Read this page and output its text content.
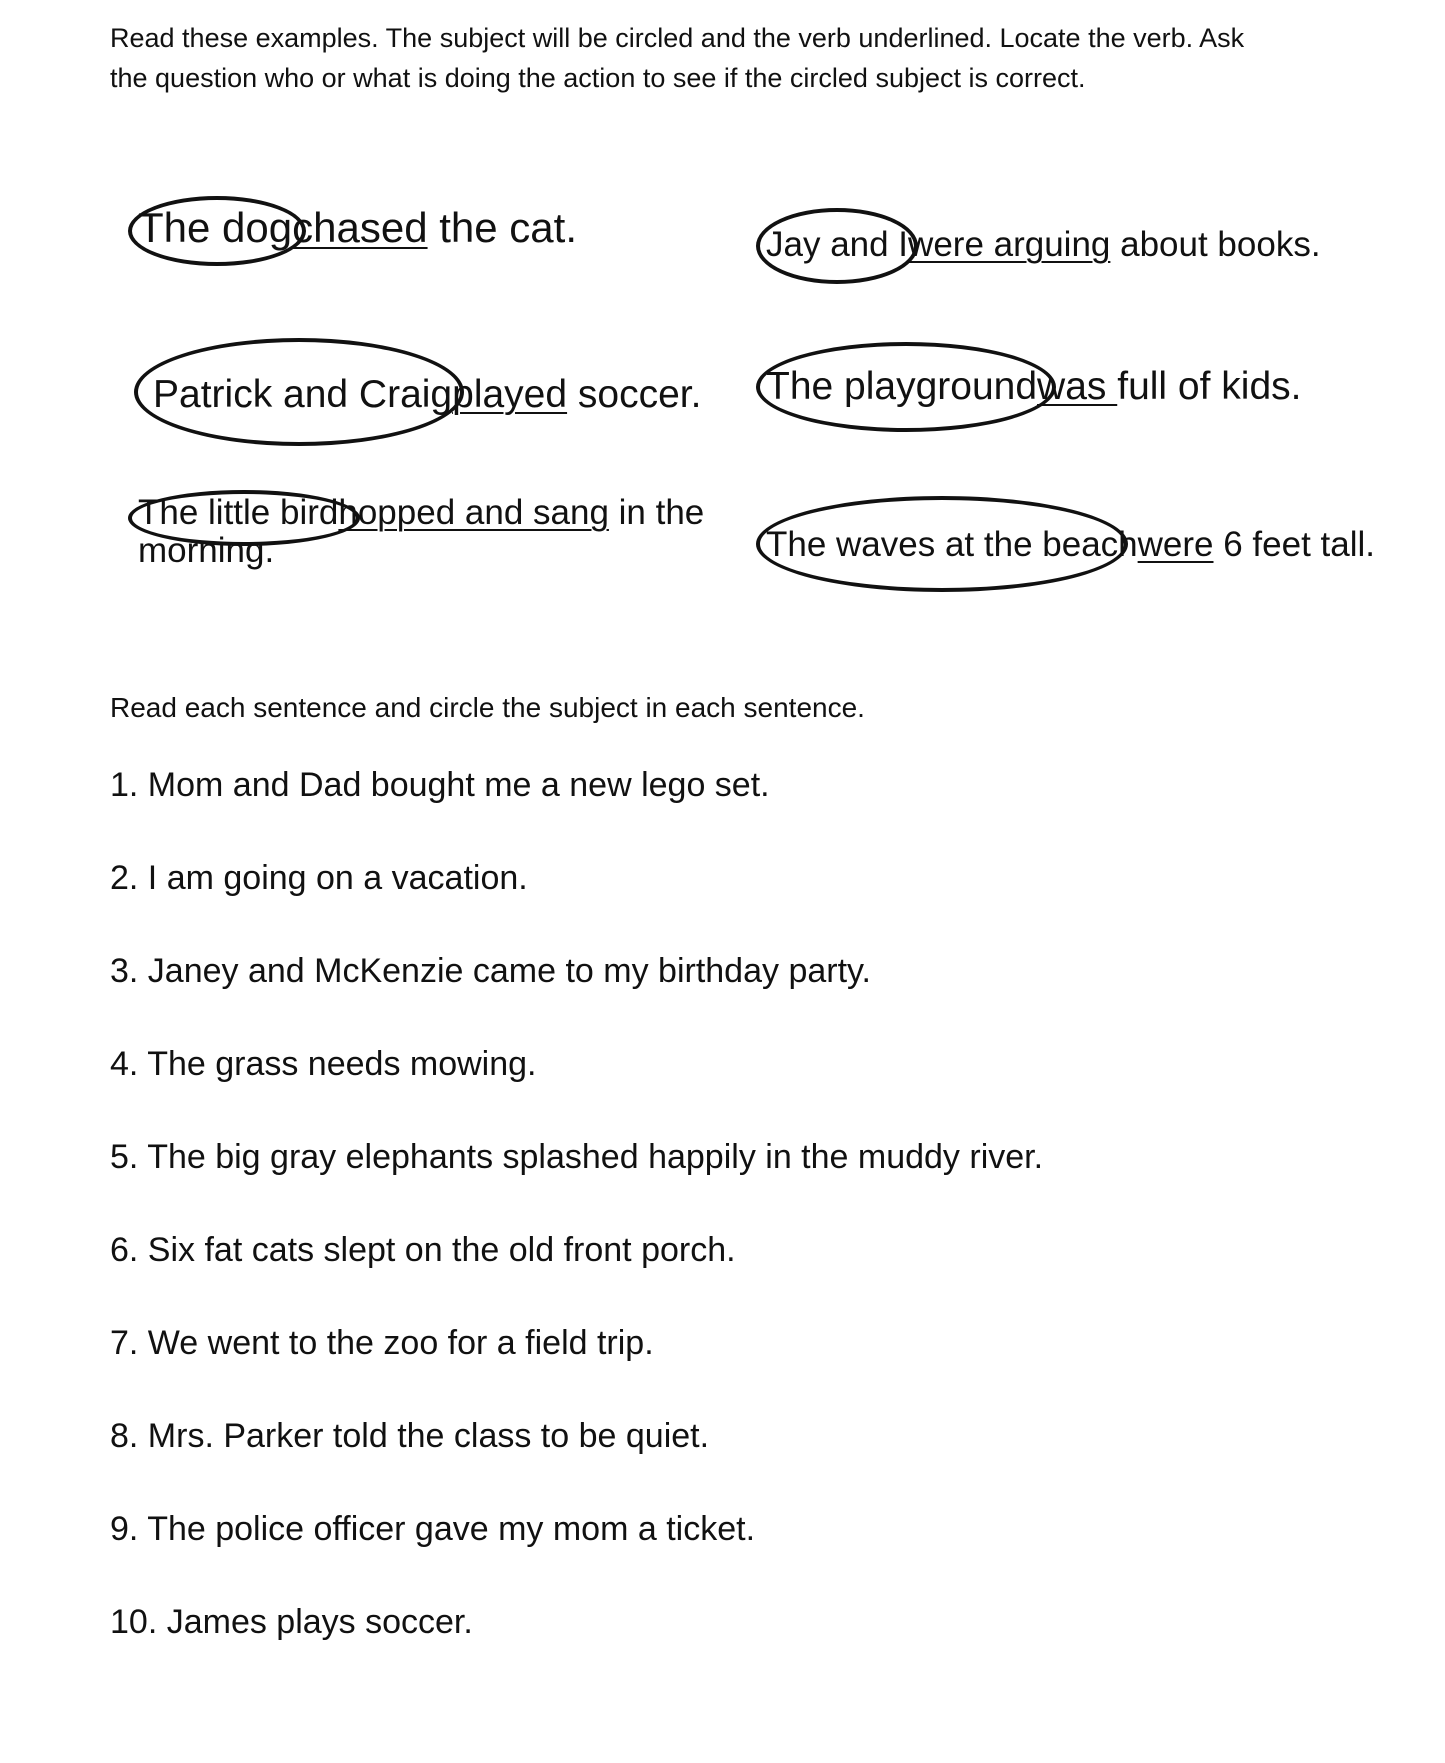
Read these examples. The subject will be circled and the verb underlined. Locate the verb. Ask
the question who or what is doing the action to see if the circled subject is correct.
The dogchased the cat.	Jay and Iwere arguing about books.
Patrick and Craigplayed soccer. The playgroundwas full of kids.
The little birdhopped and sang in the
morning.	The waves at the beachwere 6 feet tall.
Read each sentence and circle the subject in each sentence.
1. Mom and Dad bought me a new lego set.
2. I am going on a vacation.
3. Janey and McKenzie came to my birthday party.
4. The grass needs mowing.
5. The big gray elephants splashed happily in the muddy river.
6. Six fat cats slept on the old front porch.
7. We went to the zoo for a field trip.
8. Mrs. Parker told the class to be quiet.
9. The police officer gave my mom a ticket.
10. James plays soccer.
